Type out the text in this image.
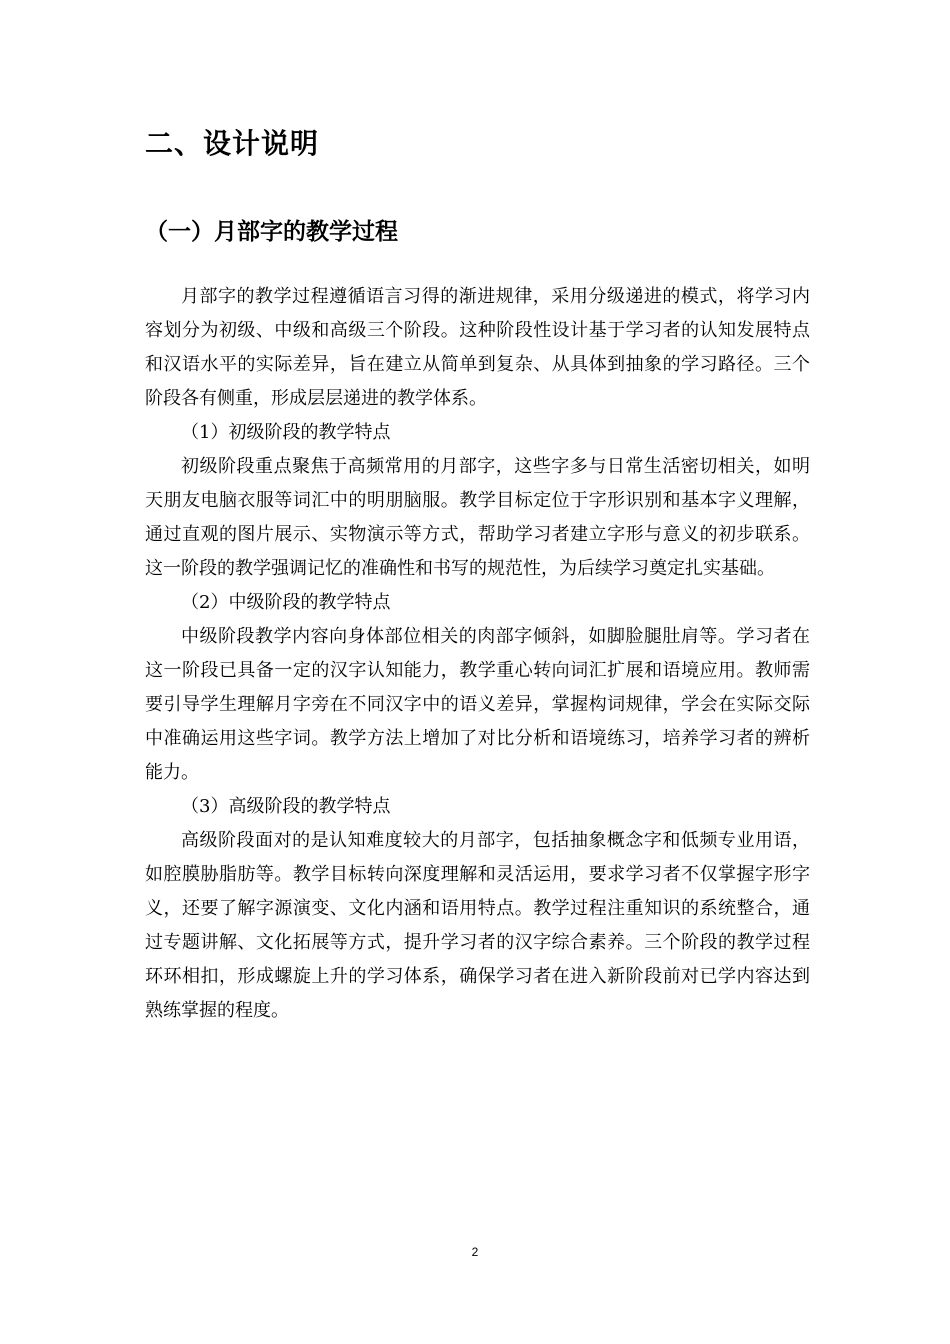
二、设计说明
（一）月部字的教学过程

月部字的教学过程遵循语言习得的渐进规律，采用分级递进的模式，将学习内容划分为初级、中级和高级三个阶段。这种阶段性设计基于学习者的认知发展特点和汉语水平的实际差异，旨在建立从简单到复杂、从具体到抽象的学习路径。三个阶段各有侧重，形成层层递进的教学体系。

（1）初级阶段的教学特点

初级阶段重点聚焦于高频常用的月部字，这些字多与日常生活密切相关，如明天朋友电脑衣服等词汇中的明朋脑服。教学目标定位于字形识别和基本字义理解，通过直观的图片展示、实物演示等方式，帮助学习者建立字形与意义的初步联系。这一阶段的教学强调记忆的准确性和书写的规范性，为后续学习奠定扎实基础。

（2）中级阶段的教学特点

中级阶段教学内容向身体部位相关的肉部字倾斜，如脚脸腿肚肩等。学习者在这一阶段已具备一定的汉字认知能力，教学重心转向词汇扩展和语境应用。教师需要引导学生理解月字旁在不同汉字中的语义差异，掌握构词规律，学会在实际交际中准确运用这些字词。教学方法上增加了对比分析和语境练习，培养学习者的辨析能力。

（3）高级阶段的教学特点

高级阶段面对的是认知难度较大的月部字，包括抽象概念字和低频专业用语，如腔膜胁脂肪等。教学目标转向深度理解和灵活运用，要求学习者不仅掌握字形字义，还要了解字源演变、文化内涵和语用特点。教学过程注重知识的系统整合，通过专题讲解、文化拓展等方式，提升学习者的汉字综合素养。三个阶段的教学过程环环相扣，形成螺旋上升的学习体系，确保学习者在进入新阶段前对已学内容达到熟练掌握的程度。

2
